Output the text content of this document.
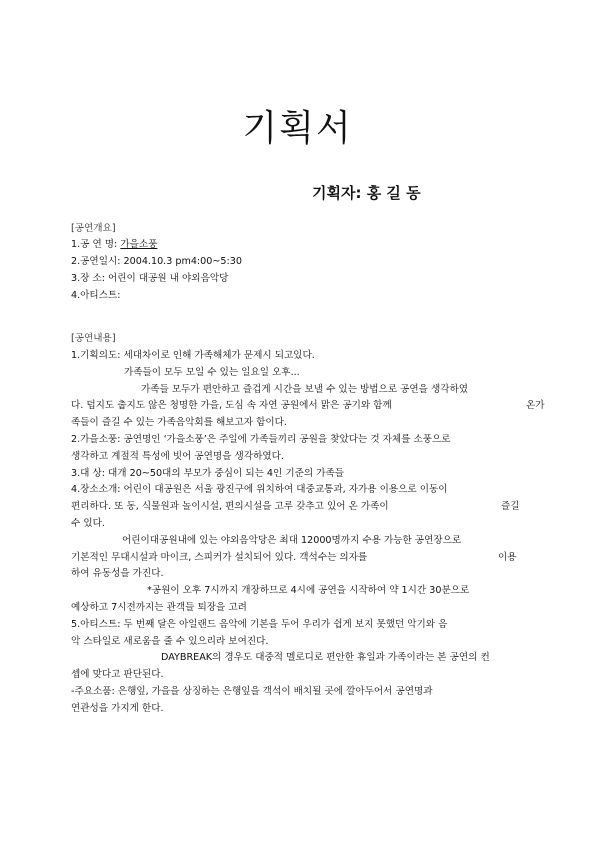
기획서
기획자: 홍 길 동
[공연개요]
1.공 연 명: 가을소풍
2.공연일시: 2004.10.3 pm4:00~5:30
3.장 소: 어린이 대공원 내 야외음악당
4.아티스트:
[공연내용]
1.기획의도: 세대차이로 인해 가족해체가 문제시 되고있다.
가족들이 모두 모일 수 있는 일요일 오후...
가족들 모두가 편안하고 즐겁게 시간을 보낼 수 있는 방법으로 공연을 생각하였
다. 덥지도 춥지도 않은 청명한 가을, 도심 속 자연 공원에서 맑은 공기와 함께	온가
족들이 즐길 수 있는 가족음악회를 해보고자 함이다.
2.가을소풍: 공연명인 ‘가을소풍’은 주일에 가족들끼리 공원을 찾았다는 것 자체를 소풍으로
생각하고 계절적 특성에 빗어 공연명을 생각하였다.
3.대 상: 대개 20~50대의 부모가 중심이 되는 4인 기준의 가족들
4.장소소개: 어린이 대공원은 서울 광진구에 위치하여 대중교통과, 자가용 이용으로 이동이
편리하다. 또 동, 식물원과 놀이시설, 편의시설을 고루 갖추고 있어 온 가족이	즐길
수 있다.
어린이대공원내에 있는 야외음악당은 최대 12000명까지 수용 가능한 공연장으로
기본적인 무대시설과 마이크, 스피커가 설치되어 있다. 객석수는 의자를	이용
하여 유동성을 가진다.
*공원이 오후 7시까지 개장하므로 4시에 공연을 시작하여 약 1시간 30분으로
예상하고 7시전까지는 관객들 퇴장을 고려
5.아티스트: 두 번째 달은 아일랜드 음악에 기본을 두어 우리가 쉽게 보지 못했던 악기와 음
악 스타일로 새로움을 줄 수 있으리라 보여진다.
DAYBREAK의 경우도 대중적 멜로디로 편안한 휴일과 가족이라는 본 공연의 컨
셉에 맞다고 판단된다.
-주요소품: 은행잎, 가을을 상징하는 은행잎을 객석이 배치될 곳에 깔아두어서 공연명과
연관성을 가지게 한다.
